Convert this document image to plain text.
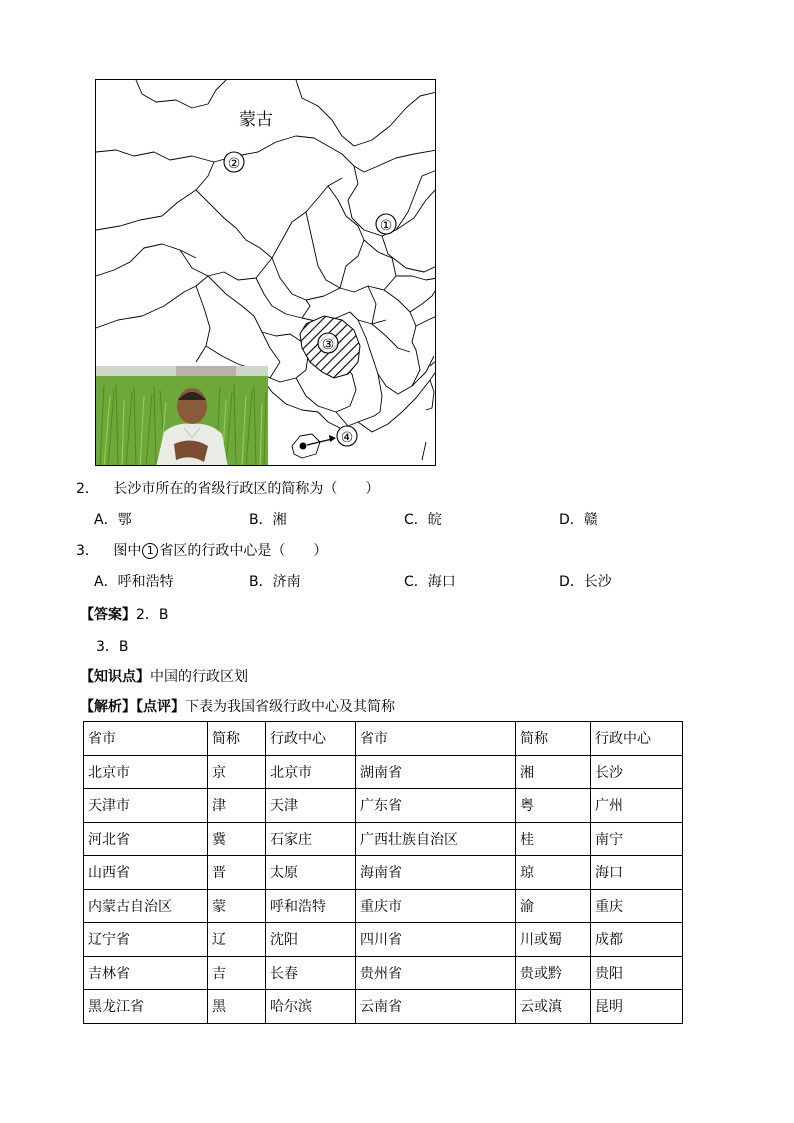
蒙古
②
①
③
④
2． 长沙市所在的省级行政区的简称为（　　）
A．鄂	B．湘	C．皖	D．赣
3． 图中 1 省区的行政中心是（　　）
A．呼和浩特	B．济南	C．海口	D．长沙
【答案】2．B
3．B
【知识点】中国的行政区划
【解析】【点评】下表为我国省级行政中心及其简称
省市	简称	行政中心	省市	简称	行政中心
北京市	京	北京市	湖南省	湘	长沙
天津市	津	天津	广东省	粤	广州
河北省	冀	石家庄	广西壮族自治区	桂	南宁
山西省	晋	太原	海南省	琼	海口
内蒙古自治区	蒙	呼和浩特	重庆市	渝	重庆
辽宁省	辽	沈阳	四川省	川或蜀	成都
吉林省	吉	长春	贵州省	贵或黔	贵阳
黑龙江省	黑	哈尔滨	云南省	云或滇	昆明
